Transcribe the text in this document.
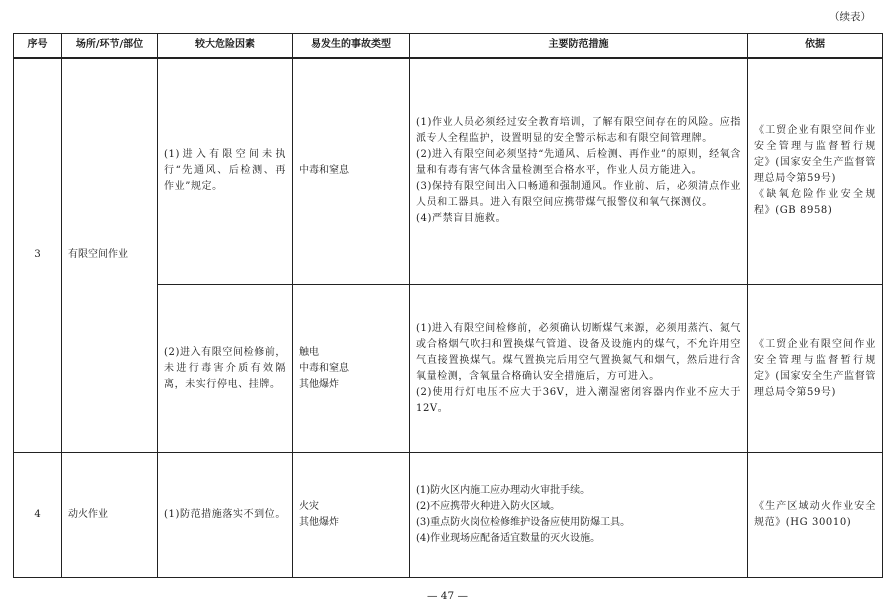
（续表）
序号	场所/环节/部位	较大危险因素	易发生的事故类型	主要防范措施	依据
3	有限空间作业	(1)进入有限空间未执行“先通风、后检测、再作业”规定。	中毒和窒息	(1)作业人员必须经过安全教育培训，了解有限空间存在的风险。应指派专人全程监护，设置明显的安全警示标志和有限空间管理牌。
(2)进入有限空间必须坚持“先通风、后检测、再作业”的原则，经氧含量和有毒有害气体含量检测至合格水平，作业人员方能进入。
(3)保持有限空间出入口畅通和强制通风。作业前、后，必须清点作业人员和工器具。进入有限空间应携带煤气报警仪和氧气探测仪。
(4)严禁盲目施救。	《工贸企业有限空间作业安全管理与监督暂行规定》(国家安全生产监督管理总局令第59号)
《缺氧危险作业安全规程》(GB 8958)

		(2)进入有限空间检修前，未进行毒害介质有效隔离，未实行停电、挂牌。	触电
中毒和窒息
其他爆炸	(1)进入有限空间检修前，必须确认切断煤气来源，必须用蒸汽、氮气或合格烟气吹扫和置换煤气管道、设备及设施内的煤气，不允许用空气直接置换煤气。煤气置换完后用空气置换氮气和烟气，然后进行含氧量检测，含氧量合格确认安全措施后，方可进入。
(2)使用行灯电压不应大于36V，进入潮湿密闭容器内作业不应大于12V。	《工贸企业有限空间作业安全管理与监督暂行规定》(国家安全生产监督管理总局令第59号)

4	动火作业	(1)防范措施落实不到位。	火灾
其他爆炸	(1)防火区内施工应办理动火审批手续。
(2)不应携带火种进入防火区域。
(3)重点防火岗位检修维护设备应使用防爆工具。
(4)作业现场应配备适宜数量的灭火设施。	《生产区域动火作业安全规范》(HG 30010)
— 47 —
